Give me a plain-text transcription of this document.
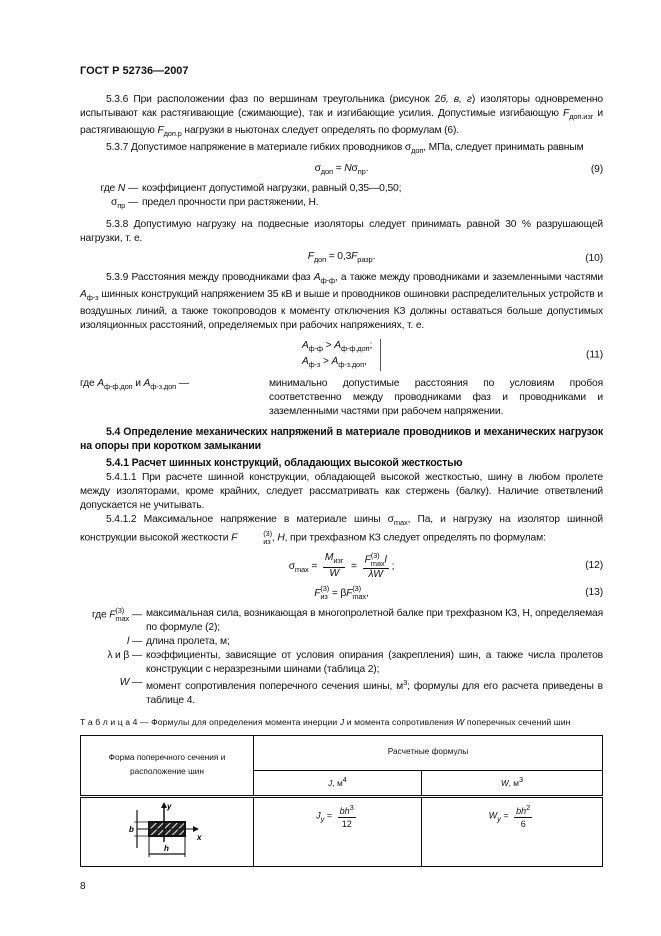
ГОСТ Р 52736—2007
5.3.6 При расположении фаз по вершинам треугольника (рисунок 2б, в, г) изоляторы одновременно испытывают как растягивающие (сжимающие), так и изгибающие усилия. Допустимые изгибающую $F_{доп.изг}$ и растягивающую $F_{доп.р}$ нагрузки в ньютонах следует определять по формулам (6).
5.3.7 Допустимое напряжение в материале гибких проводников $\sigma_{доп}$, МПа, следует принимать равным
$\sigma_{доп} = N\sigma_{пр}$.	(9)
где N — коэффициент допустимой нагрузки, равный 0,35—0,50;
$\sigma_{пр}$ — предел прочности при растяжении, Н.
5.3.8 Допустимую нагрузку на подвесные изоляторы следует принимать равной 30 % разрушающей нагрузки, т. е.
$F_{доп} = 0,3F_{разр}$.	(10)
5.3.9 Расстояния между проводниками фаз $A_{ф-ф}$, а также между проводниками и заземленными частями $A_{ф-з}$ шинных конструкций напряжением 35 кВ и выше и проводников ошиновки распределительных устройств и воздушных линий, а также токопроводов к моменту отключения КЗ должны оставаться больше допустимых изоляционных расстояний, определяемых при рабочих напряжениях, т. е.
$A_{ф-ф} > A_{ф-ф.доп}$;
$A_{ф-з} > A_{ф-з.доп}$,
(11)
где $A_{ф-ф.доп}$ и $A_{ф-з.доп}$ —	минимально допустимые расстояния по условиям пробоя соответственно между проводниками фаз и проводниками и заземленными частями при рабочем напряжении.
5.4 Определение механических напряжений в материале проводников и механических нагрузок на опоры при коротком замыкании
5.4.1 Расчет шинных конструкций, обладающих высокой жесткостью
5.4.1.1 При расчете шинной конструкции, обладающей высокой жесткостью, шину в любом пролете между изоляторами, кроме крайних, следует рассматривать как стержень (балку). Наличие ответвлений допускается не учитывать.
5.4.1.2 Максимальное напряжение в материале шины $\sigma_{max}$, Па, и нагрузку на изолятор шинной конструкции высокой жесткости F	(3)
из , Н, при трехфазном КЗ следует определять по формулам:
$\sigma_{max} = \frac{M_{изг}}{W} = F$ (3)
max l
λW ;	(12)
F (3)
из = βF (3)
max ,	(13)
где F (3)
max — максимальная сила, возникающая в многопролетной балке при трехфазном КЗ, Н, определяемая по формуле (2);
l — длина пролета, м;
λ и β — коэффициенты, зависящие от условия опирания (закрепления) шин, а также числа пролетов конструкции с неразрезными шинами (таблица 2);
W — момент сопротивления поперечного сечения шины, $м^3$; формулы для его расчета приведены в таблице 4.
Т а б л и ц а 4 — Формулы для определения момента инерции J и момента сопротивления W поперечных сечений шин
Форма поперечного сечения и расположение шин	Расчетные формулы	
	J, м4	W, м3

y
x
h
b	$J_y = \frac{bh^3}{12}$	$W_y = \frac{bh^2}{6}$
8
